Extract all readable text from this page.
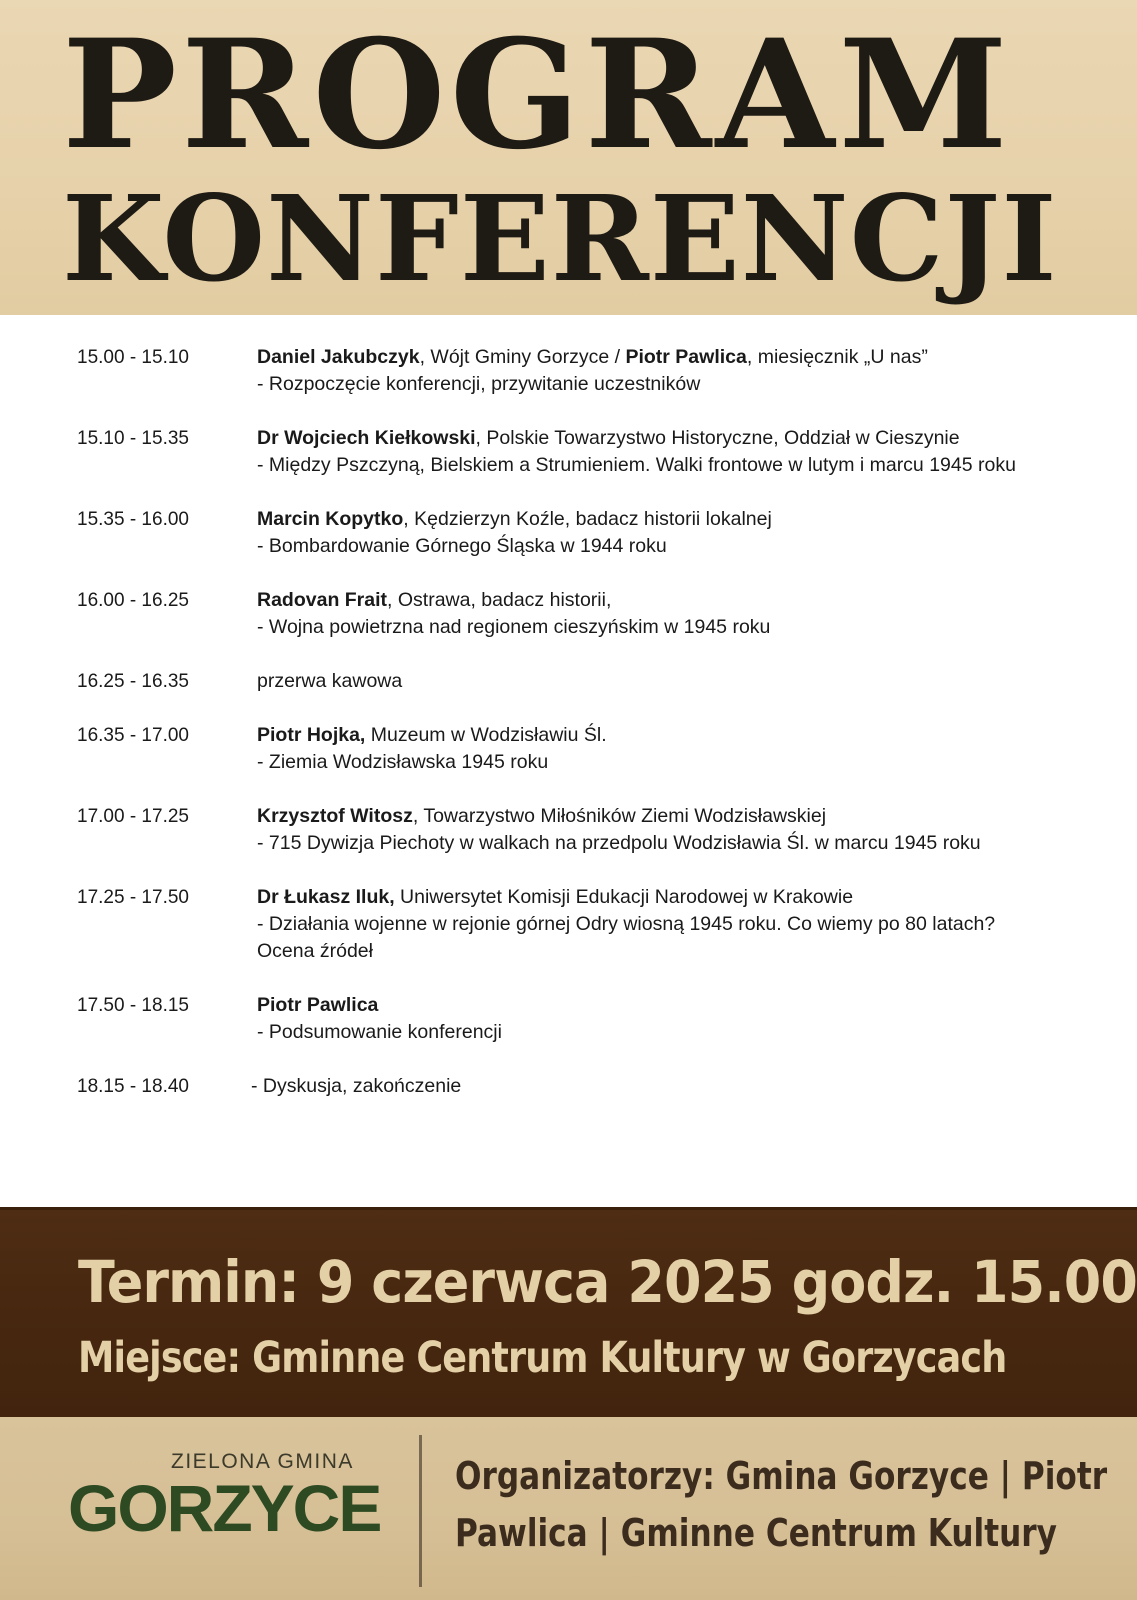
PROGRAM
KONFERENCJI
15.00 - 15.10	Daniel Jakubczyk, Wójt Gminy Gorzyce / Piotr Pawlica, miesięcznik „U nas”
- Rozpoczęcie konferencji, przywitanie uczestników
15.10 - 15.35	Dr Wojciech Kiełkowski, Polskie Towarzystwo Historyczne, Oddział w Cieszynie
- Między Pszczyną, Bielskiem a Strumieniem. Walki frontowe w lutym i marcu 1945 roku
15.35 - 16.00	Marcin Kopytko, Kędzierzyn Koźle, badacz historii lokalnej
- Bombardowanie Górnego Śląska w 1944 roku
16.00 - 16.25	Radovan Frait, Ostrawa, badacz historii,
- Wojna powietrzna nad regionem cieszyńskim w 1945 roku
16.25 - 16.35	przerwa kawowa
16.35 - 17.00	Piotr Hojka, Muzeum w Wodzisławiu Śl.
- Ziemia Wodzisławska 1945 roku
17.00 - 17.25	Krzysztof Witosz, Towarzystwo Miłośników Ziemi Wodzisławskiej
- 715 Dywizja Piechoty w walkach na przedpolu Wodzisławia Śl. w marcu 1945 roku
17.25 - 17.50	Dr Łukasz Iluk, Uniwersytet Komisji Edukacji Narodowej w Krakowie
- Działania wojenne w rejonie górnej Odry wiosną 1945 roku. Co wiemy po 80 latach?
Ocena źródeł
17.50 - 18.15	Piotr Pawlica
- Podsumowanie konferencji
18.15 - 18.40	- Dyskusja, zakończenie

Termin: 9 czerwca 2025 godz. 15.00

Miejsce: Gminne Centrum Kultury w Gorzycach

ZIELONA GMINA

GORZYCE Organizatorzy: Gmina Gorzyce | Piotr

Pawlica | Gminne Centrum Kultury
